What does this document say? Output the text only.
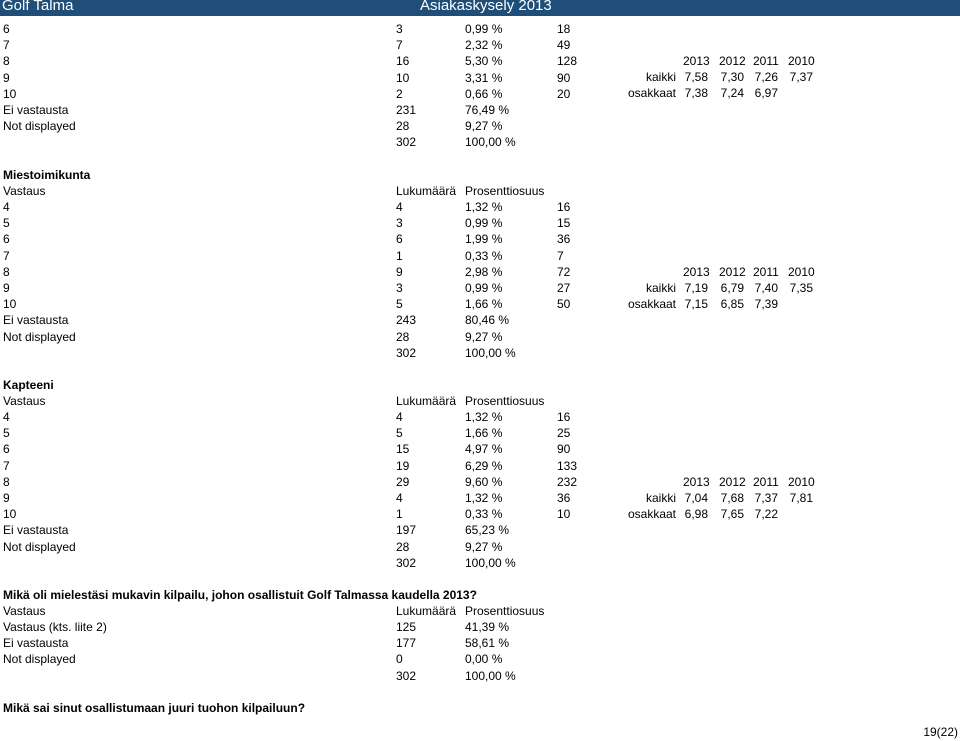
Golf Talma	Asiakaskysely 2013
6	3	0,99 %	18
7	7	2,32 %	49
8	16	5,30 %	128
9	10	3,31 %	90
10	2	0,66 %	20
Ei vastausta	231	76,49 %
Not displayed	28	9,27 %
302	100,00 %
2013 2012 2011 2010
kaikki 7,58 7,30 7,26 7,37
osakkaat 7,38 7,24 6,97
Miestoimikunta
Vastaus	Lukumäärä Prosenttiosuus
4	4	1,32 %	16
5	3	0,99 %	15
6	6	1,99 %	36
7	1	0,33 %	7
8	9	2,98 %	72
9	3	0,99 %	27
10	5	1,66 %	50
Ei vastausta	243	80,46 %
Not displayed	28	9,27 %
302	100,00 %
2013 2012 2011 2010
kaikki 7,19 6,79 7,40 7,35
osakkaat 7,15 6,85 7,39
Kapteeni
Vastaus	Lukumäärä Prosenttiosuus
4	4	1,32 %	16
5	5	1,66 %	25
6	15	4,97 %	90
7	19	6,29 %	133
8	29	9,60 %	232
9	4	1,32 %	36
10	1	0,33 %	10
Ei vastausta	197	65,23 %
Not displayed	28	9,27 %
302	100,00 %
2013 2012 2011 2010
kaikki 7,04 7,68 7,37 7,81
osakkaat 6,98 7,65 7,22
Mikä oli mielestäsi mukavin kilpailu, johon osallistuit Golf Talmassa kaudella 2013?
Vastaus	Lukumäärä Prosenttiosuus
Vastaus (kts. liite 2)	125	41,39 %
Ei vastausta	177	58,61 %
Not displayed	0	0,00 %
302	100,00 %
Mikä sai sinut osallistumaan juuri tuohon kilpailuun?
19(22)
